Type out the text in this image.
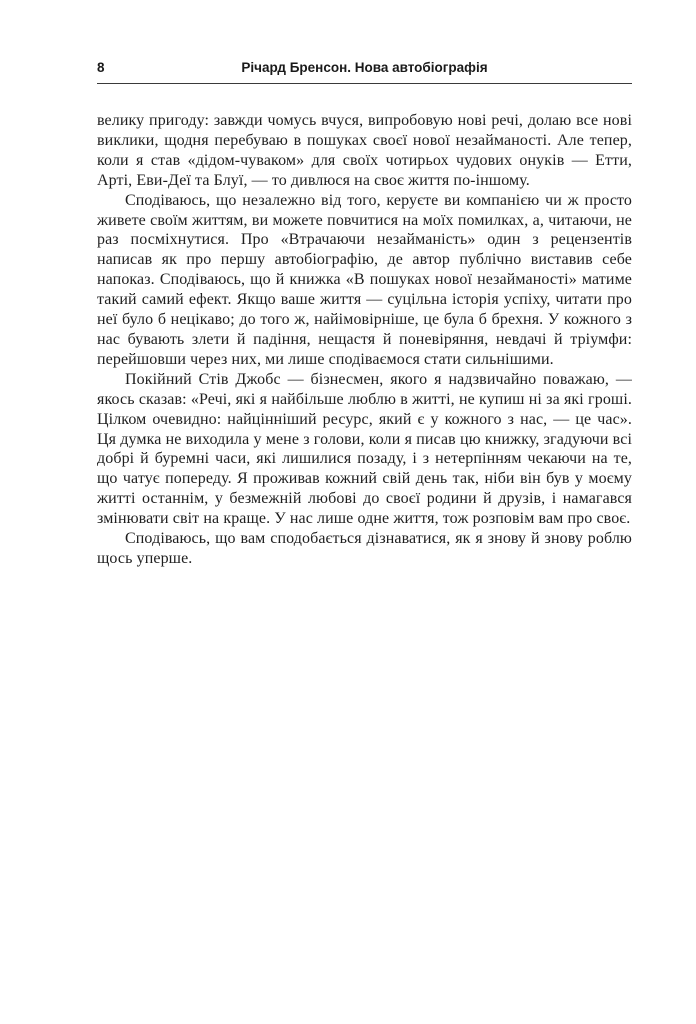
8	Річард Бренсон. Нова автобіографія

велику пригоду: завжди чомусь вчуся, випробовую нові речі, долаю все нові виклики, щодня перебуваю в пошуках своєї нової незайманості. Але тепер, коли я став «дідом-чуваком» для своїх чотирьох чудових онуків — Етти, Арті, Еви-Деї та Блуї, — то дивлюся на своє життя по-іншому.

Сподіваюсь, що незалежно від того, керуєте ви компанією чи ж просто живете своїм життям, ви можете повчитися на моїх помилках, а, читаючи, не раз посміхнутися. Про «Втрачаючи незайманість» один з рецензентів написав як про першу автобіографію, де автор публічно виставив себе напоказ. Сподіваюсь, що й книжка «В пошуках нової незайманості» матиме такий самий ефект. Якщо ваше життя — суцільна історія успіху, читати про неї було б нецікаво; до того ж, найімовірніше, це була б брехня. У кожного з нас бувають злети й падіння, нещастя й поневіряння, невдачі й тріумфи: перейшовши через них, ми лише сподіваємося стати сильнішими.

Покійний Стів Джобс — бізнесмен, якого я надзвичайно поважаю, — якось сказав: «Речі, які я найбільше люблю в житті, не купиш ні за які гроші. Цілком очевидно: найцінніший ресурс, який є у кожного з нас, — це час». Ця думка не виходила у мене з голови, коли я писав цю книжку, згадуючи всі добрі й буремні часи, які лишилися позаду, і з нетерпінням чекаючи на те, що чатує попереду. Я проживав кожний свій день так, ніби він був у моєму житті останнім, у безмежній любові до своєї родини й друзів, і намагався змінювати світ на краще. У нас лише одне життя, тож розповім вам про своє.

Сподіваюсь, що вам сподобається дізнаватися, як я знову й знову роблю щось уперше.
